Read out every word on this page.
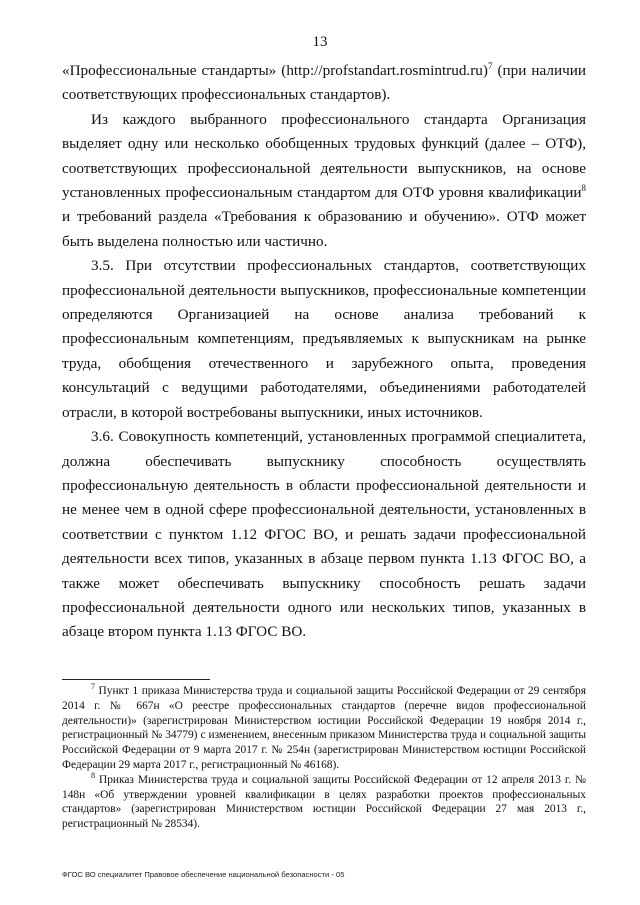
13

«Профессиональные стандарты» (http://profstandart.rosmintrud.ru)$^7$ (при наличии соответствующих профессиональных стандартов).

Из каждого выбранного профессионального стандарта Организация выделяет одну или несколько обобщенных трудовых функций (далее – ОТФ), соответствующих профессиональной деятельности выпускников, на основе установленных профессиональным стандартом для ОТФ уровня квалификации$^8$ и требований раздела «Требования к образованию и обучению». ОТФ может быть выделена полностью или частично.

3.5. При отсутствии профессиональных стандартов, соответствующих профессиональной деятельности выпускников, профессиональные компетенции определяются Организацией на основе анализа требований к профессиональным компетенциям, предъявляемых к выпускникам на рынке труда, обобщения отечественного и зарубежного опыта, проведения консультаций с ведущими работодателями, объединениями работодателей отрасли, в которой востребованы выпускники, иных источников.

3.6. Совокупность компетенций, установленных программой специалитета, должна обеспечивать выпускнику способность осуществлять профессиональную деятельность в области профессиональной деятельности и не менее чем в одной сфере профессиональной деятельности, установленных в соответствии с пунктом 1.12 ФГОС ВО, и решать задачи профессиональной деятельности всех типов, указанных в абзаце первом пункта 1.13 ФГОС ВО, а также может обеспечивать выпускнику способность решать задачи профессиональной деятельности одного или нескольких типов, указанных в абзаце втором пункта 1.13 ФГОС ВО.

$^7$ Пункт 1 приказа Министерства труда и социальной защиты Российской Федерации от 29 сентября 2014 г. № 667н «О реестре профессиональных стандартов (перечне видов профессиональной деятельности)» (зарегистрирован Министерством юстиции Российской Федерации 19 ноября 2014 г., регистрационный № 34779) с изменением, внесенным приказом Министерства труда и социальной защиты Российской Федерации от 9 марта 2017 г. № 254н (зарегистрирован Министерством юстиции Российской Федерации 29 марта 2017 г., регистрационный № 46168).

$^8$ Приказ Министерства труда и социальной защиты Российской Федерации от 12 апреля 2013 г. № 148н «Об утверждении уровней квалификации в целях разработки проектов профессиональных стандартов» (зарегистрирован Министерством юстиции Российской Федерации 27 мая 2013 г., регистрационный № 28534).

ФГОС ВО специалитет Правовое обеспечение национальной безопасности - 05
